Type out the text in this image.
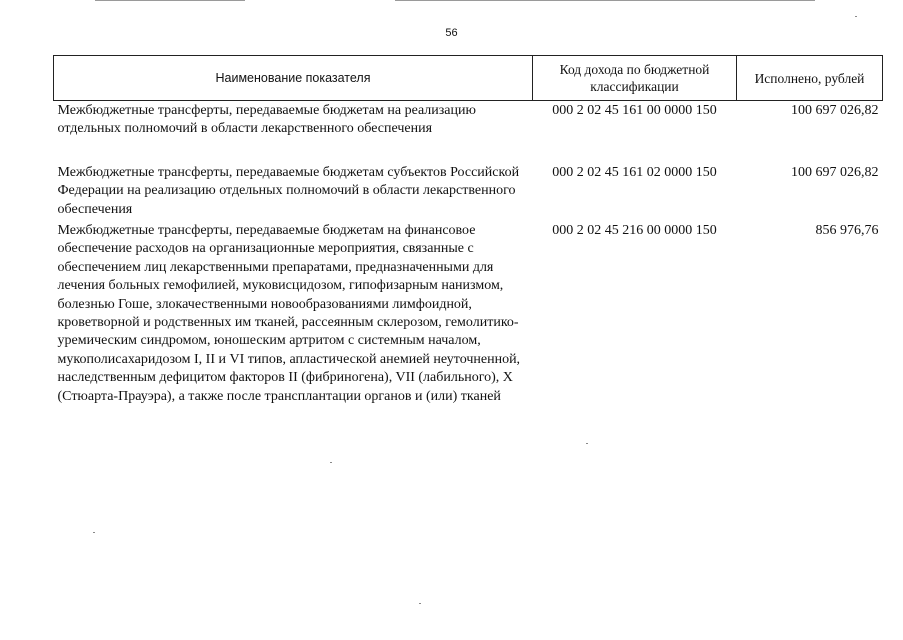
56
Наименование показателя	Код дохода по бюджетной классификации	Исполнено, рублей
Межбюджетные трансферты, передаваемые бюджетам на реализацию отдельных полномочий в области лекарственного обеспечения	000 2 02 45 161 00 0000 150	100 697 026,82
Межбюджетные трансферты, передаваемые бюджетам субъектов Российской Федерации на реализацию отдельных полномочий в области лекарственного обеспечения	000 2 02 45 161 02 0000 150	100 697 026,82
Межбюджетные трансферты, передаваемые бюджетам на финансовое обеспечение расходов на организационные мероприятия, связанные с обеспечением лиц лекарственными препаратами, предназначенными для лечения больных гемофилией, муковисцидозом, гипофизарным нанизмом, болезнью Гоше, злокачественными новообразованиями лимфоидной, кроветворной и родственных им тканей, рассеянным склерозом, гемолитико-уремическим синдромом, юношеским артритом с системным началом, мукополисахаридозом I, II и VI типов, апластической анемией неуточненной, наследственным дефицитом факторов II (фибриногена), VII (лабильного), X (Стюарта-Прауэра), а также после трансплантации органов и (или) тканей	000 2 02 45 216 00 0000 150	856 976,76
